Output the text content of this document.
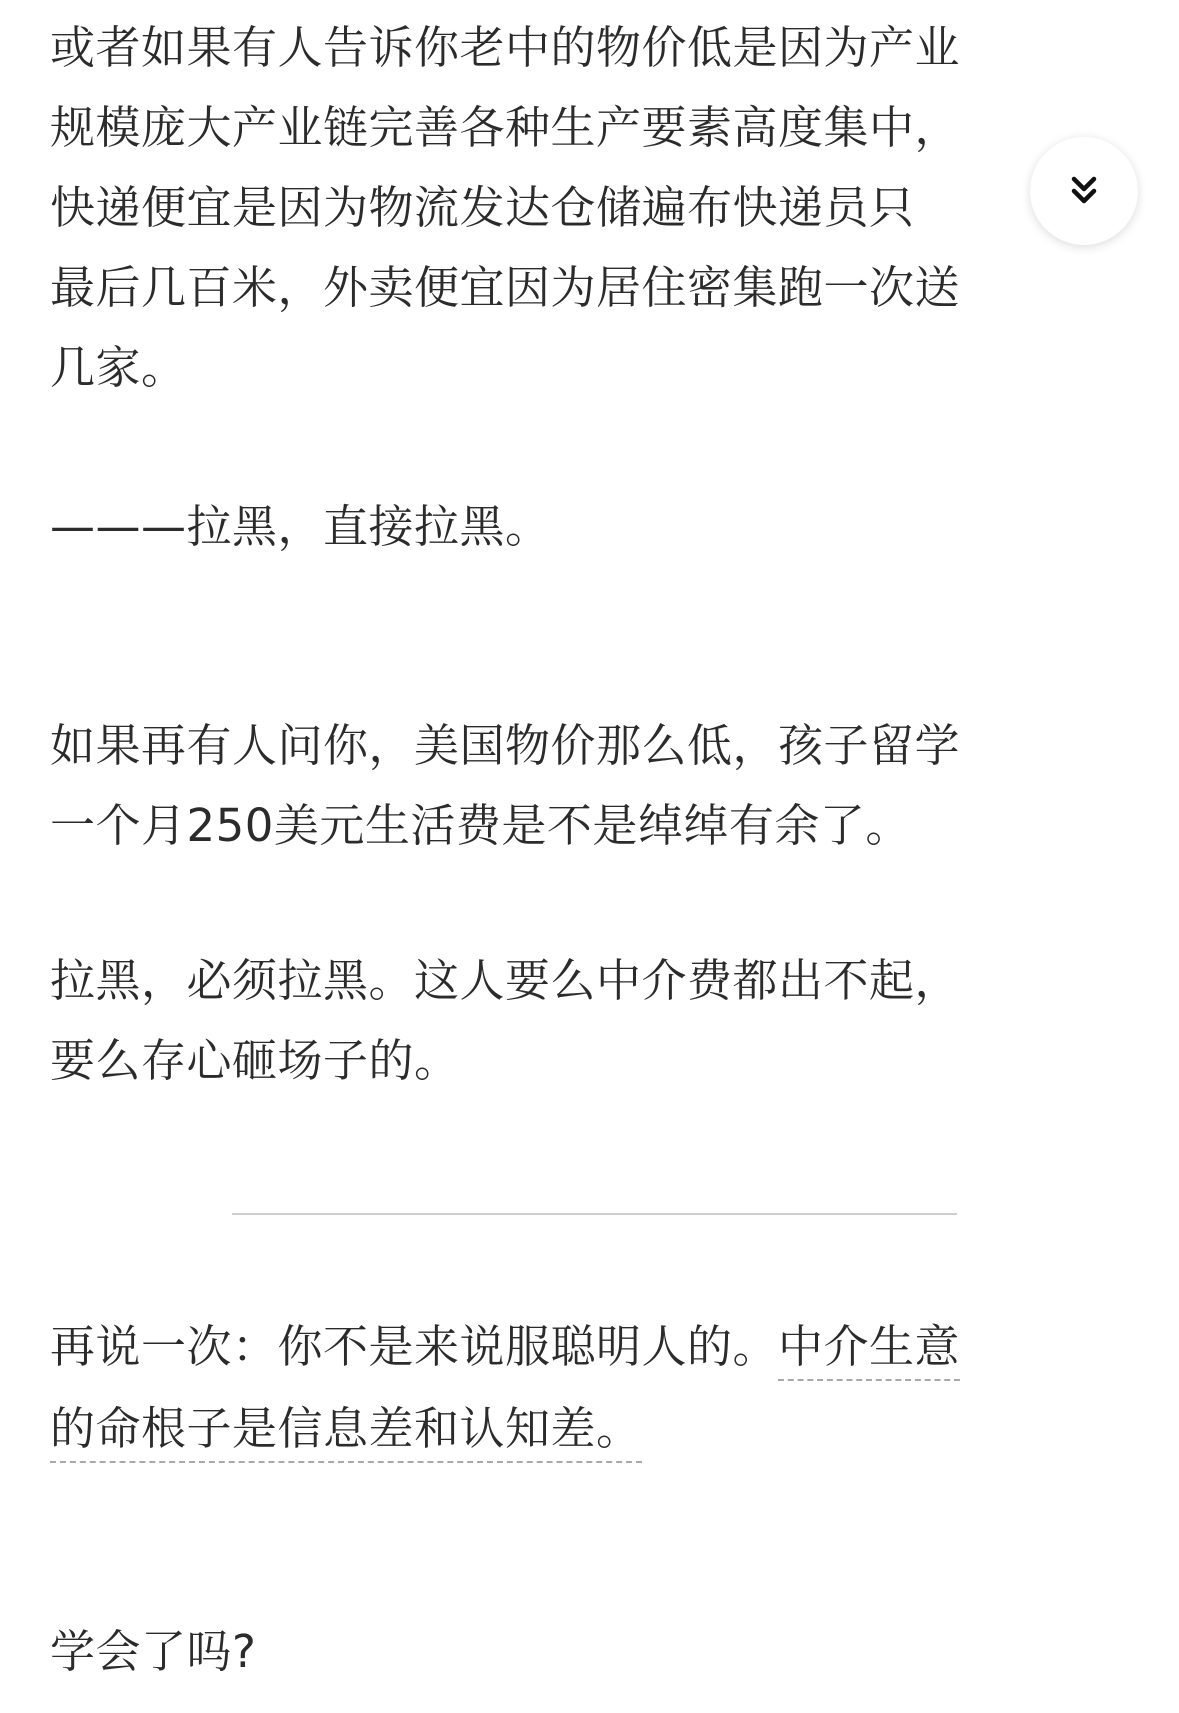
或者如果有人告诉你老中的物价低是因为产业
规模庞大产业链完善各种生产要素高度集中，
快递便宜是因为物流发达仓储遍布快递员只
最后几百米，外卖便宜因为居住密集跑一次送
几家。
———拉黑，直接拉黑。
如果再有人问你，美国物价那么低，孩子留学
一个月250美元生活费是不是绰绰有余了。
拉黑，必须拉黑。这人要么中介费都出不起，
要么存心砸场子的。
再说一次：你不是来说服聪明人的。中介生意
的命根子是信息差和认知差。
学会了吗?
